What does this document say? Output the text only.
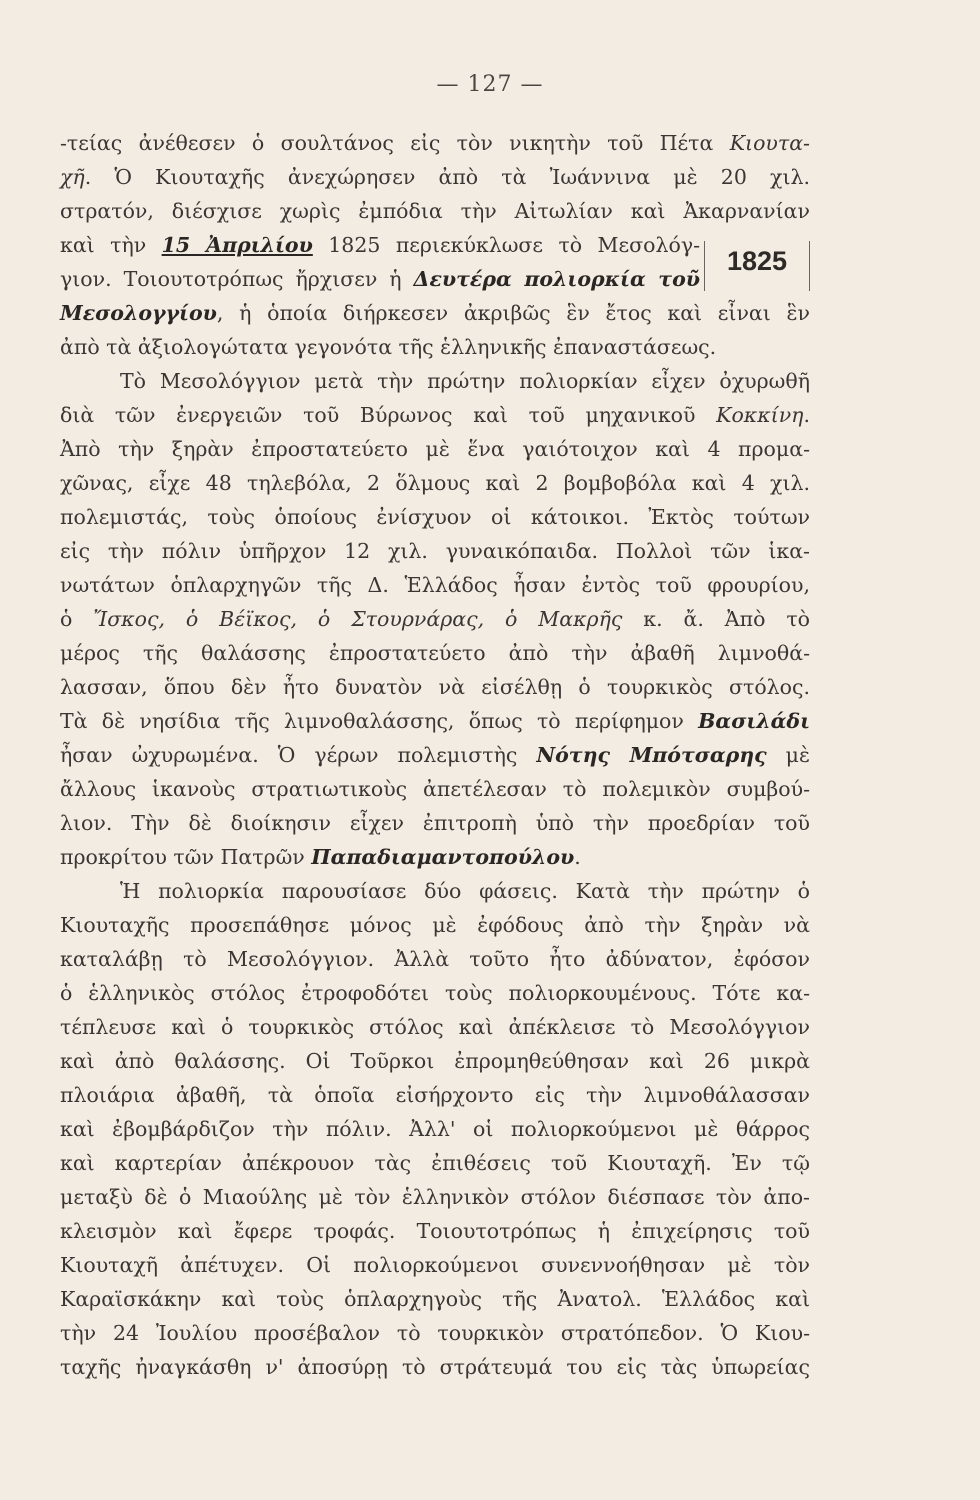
— 127 —
1825
-τείας ἀνέθεσεν ὁ σουλτάνος εἰς τὸν νικητὴν τοῦ Πέτα Κιουτα-
χῆ. Ὁ Κιουταχῆς ἀνεχώρησεν ἀπὸ τὰ Ἰωάννινα μὲ 20 χιλ.
στρατόν, διέσχισε χωρὶς ἐμπόδια τὴν Αἰτωλίαν καὶ Ἀκαρνανίαν
καὶ τὴν 15 Ἀπριλίου 1825 περιεκύκλωσε τὸ Μεσολόγ-
γιον. Τοιουτοτρόπως ἤρχισεν ἡ Δευτέρα πολιορκία τοῦ
Μεσολογγίου, ἡ ὁποία διήρκεσεν ἀκριβῶς ἓν ἔτος καὶ εἶναι ἓν
ἀπὸ τὰ ἀξιολογώτατα γεγονότα τῆς ἑλληνικῆς ἐπαναστάσεως.
Τὸ Μεσολόγγιον μετὰ τὴν πρώτην πολιορκίαν εἶχεν ὀχυρωθῆ
διὰ τῶν ἐνεργειῶν τοῦ Βύρωνος καὶ τοῦ μηχανικοῦ Κοκκίνη.
Ἀπὸ τὴν ξηρὰν ἐπροστατεύετο μὲ ἕνα γαιότοιχον καὶ 4 προμα-
χῶνας, εἶχε 48 τηλεβόλα, 2 ὅλμους καὶ 2 βομβοβόλα καὶ 4 χιλ.
πολεμιστάς, τοὺς ὁποίους ἐνίσχυον οἱ κάτοικοι. Ἐκτὸς τούτων
εἰς τὴν πόλιν ὑπῆρχον 12 χιλ. γυναικόπαιδα. Πολλοὶ τῶν ἱκα-
νωτάτων ὁπλαρχηγῶν τῆς Δ. Ἑλλάδος ἦσαν ἐντὸς τοῦ φρουρίου,
ὁ Ἴσκος, ὁ Βέϊκος, ὁ Στουρνάρας, ὁ Μακρῆς κ. ἄ. Ἀπὸ τὸ
μέρος τῆς θαλάσσης ἐπροστατεύετο ἀπὸ τὴν ἀβαθῆ λιμνοθά-
λασσαν, ὅπου δὲν ἦτο δυνατὸν νὰ εἰσέλθῃ ὁ τουρκικὸς στόλος.
Τὰ δὲ νησίδια τῆς λιμνοθαλάσσης, ὅπως τὸ περίφημον Βασιλάδι
ἦσαν ὠχυρωμένα. Ὁ γέρων πολεμιστὴς Νότης Μπότσαρης μὲ
ἄλλους ἱκανοὺς στρατιωτικοὺς ἀπετέλεσαν τὸ πολεμικὸν συμβού-
λιον. Τὴν δὲ διοίκησιν εἶχεν ἐπιτροπὴ ὑπὸ τὴν προεδρίαν τοῦ
προκρίτου τῶν Πατρῶν Παπαδιαμαντοπούλου.
Ἡ πολιορκία παρουσίασε δύο φάσεις. Κατὰ τὴν πρώτην ὁ
Κιουταχῆς προσεπάθησε μόνος μὲ ἐφόδους ἀπὸ τὴν ξηρὰν νὰ
καταλάβῃ τὸ Μεσολόγγιον. Ἀλλὰ τοῦτο ἦτο ἀδύνατον, ἐφόσον
ὁ ἑλληνικὸς στόλος ἐτροφοδότει τοὺς πολιορκουμένους. Τότε κα-
τέπλευσε καὶ ὁ τουρκικὸς στόλος καὶ ἀπέκλεισε τὸ Μεσολόγγιον
καὶ ἀπὸ θαλάσσης. Οἱ Τοῦρκοι ἐπρομηθεύθησαν καὶ 26 μικρὰ
πλοιάρια ἀβαθῆ, τὰ ὁποῖα εἰσήρχοντο εἰς τὴν λιμνοθάλασσαν
καὶ ἐβομβάρδιζον τὴν πόλιν. Ἀλλ' οἱ πολιορκούμενοι μὲ θάρρος
καὶ καρτερίαν ἀπέκρουον τὰς ἐπιθέσεις τοῦ Κιουταχῆ. Ἐν τῷ
μεταξὺ δὲ ὁ Μιαούλης μὲ τὸν ἑλληνικὸν στόλον διέσπασε τὸν ἀπο-
κλεισμὸν καὶ ἔφερε τροφάς. Τοιουτοτρόπως ἡ ἐπιχείρησις τοῦ
Κιουταχῆ ἀπέτυχεν. Οἱ πολιορκούμενοι συνεννοήθησαν μὲ τὸν
Καραϊσκάκην καὶ τοὺς ὁπλαρχηγοὺς τῆς Ἀνατολ. Ἑλλάδος καὶ
τὴν 24 Ἰουλίου προσέβαλον τὸ τουρκικὸν στρατόπεδον. Ὁ Κιου-
ταχῆς ἠναγκάσθη ν' ἀποσύρῃ τὸ στράτευμά του εἰς τὰς ὑπωρείας
